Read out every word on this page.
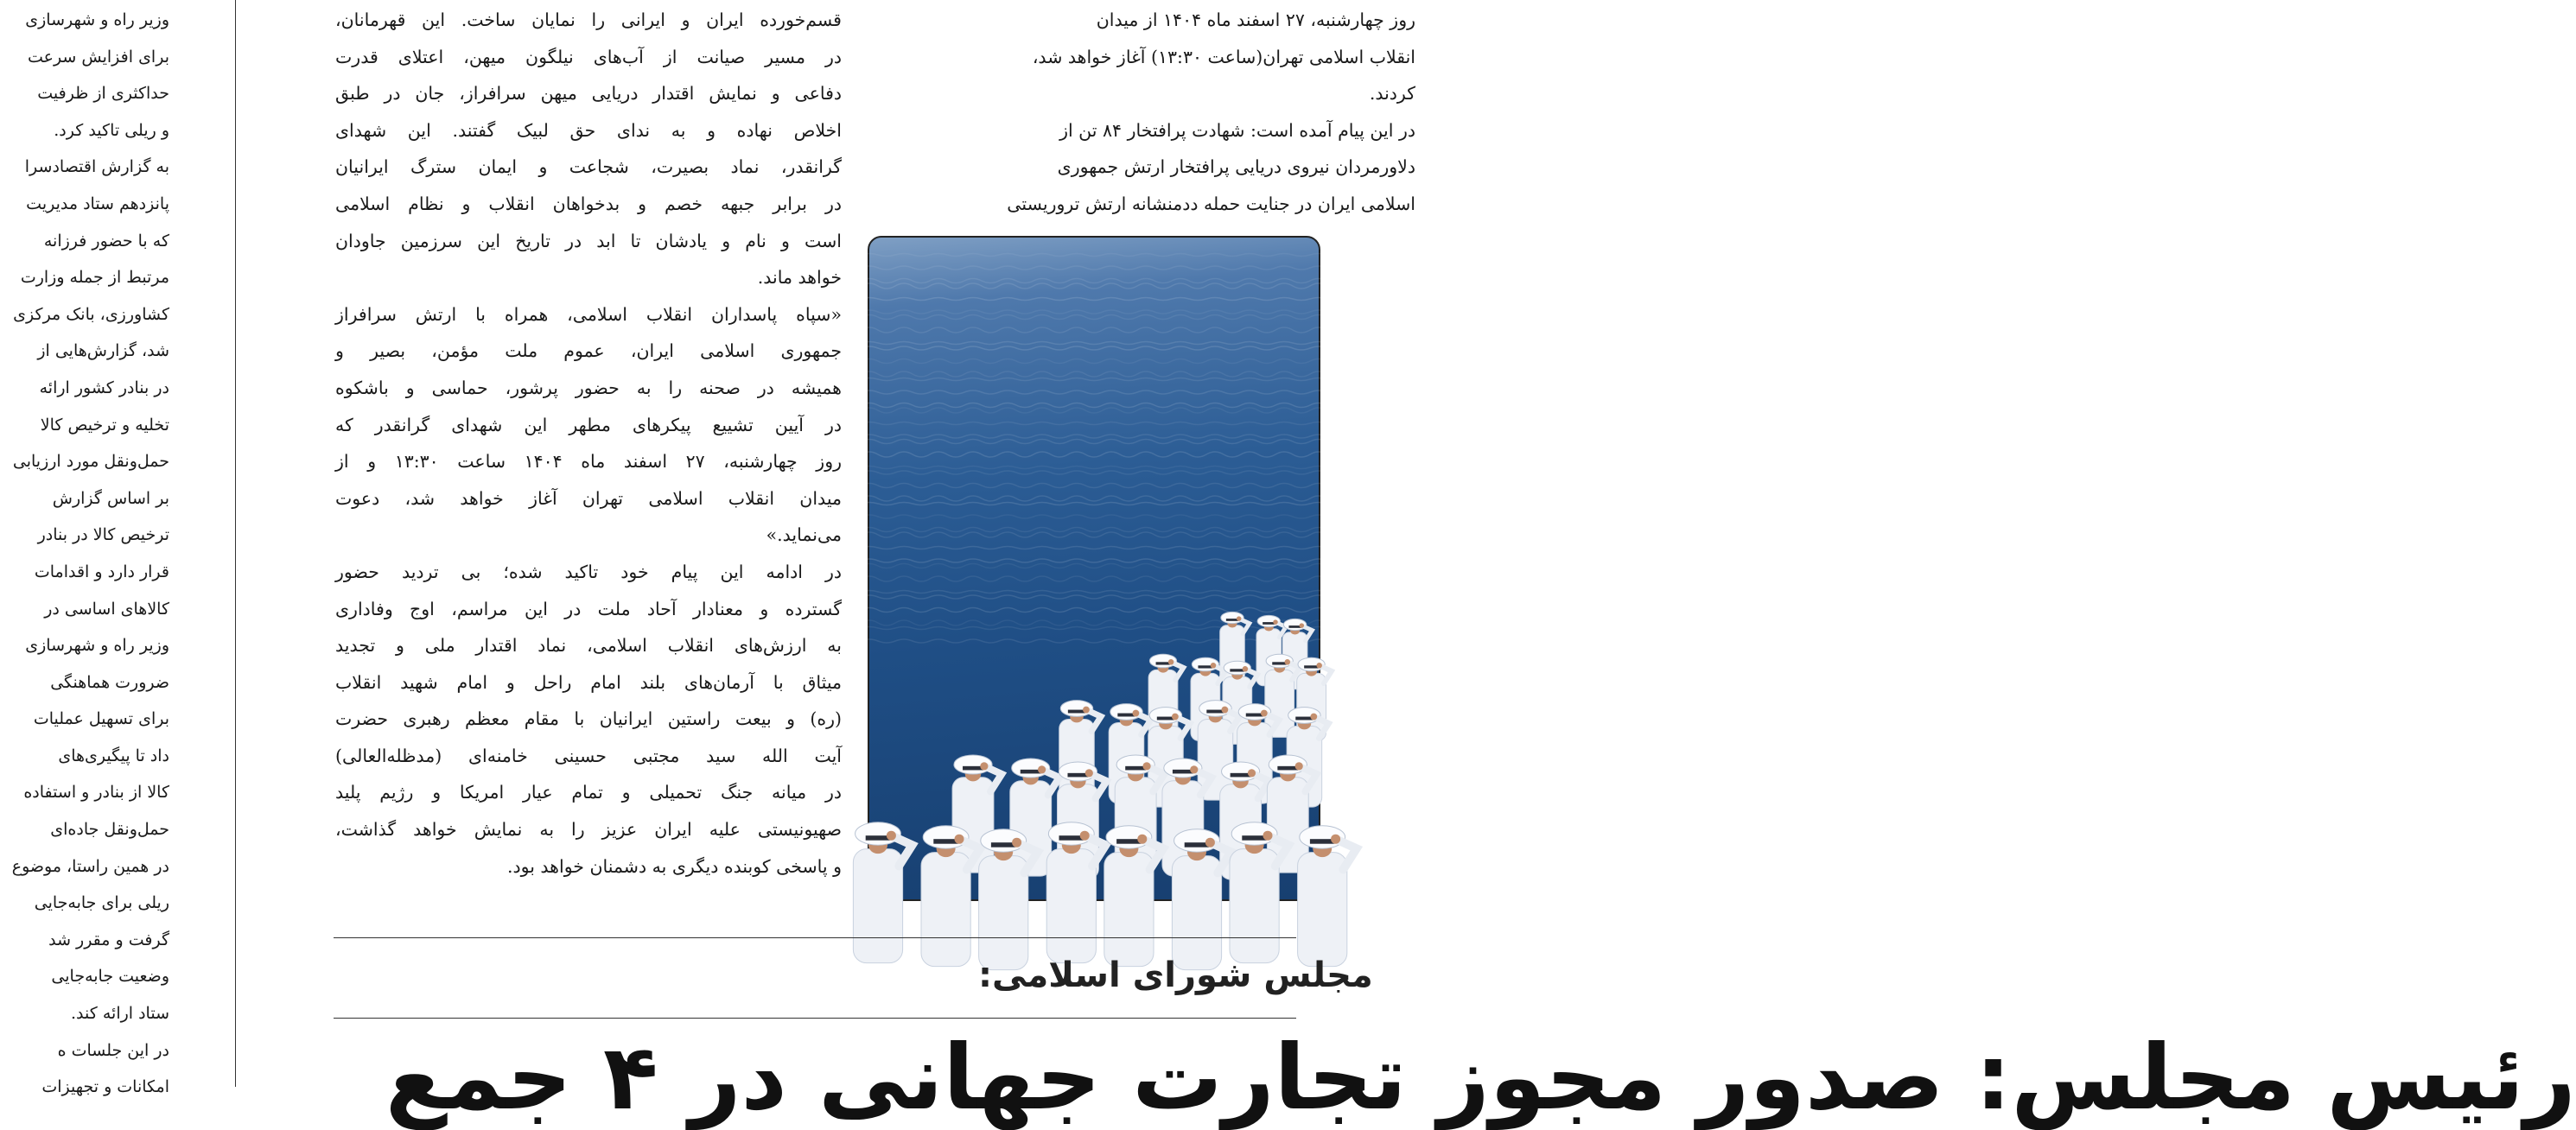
وزیر راه و شهرسازی

برای افزایش سرعت

حداکثری از ظرفیت

و ریلی تاکید کرد.

به گزارش اقتصادسرا

پانزدهم ستاد مدیریت

که با حضور فرزانه

مرتبط از جمله وزارت

کشاورزی، بانک مرکزی

شد، گزارش‌هایی از

در بنادر کشور ارائه

تخلیه و ترخیص کالا

حمل‌ونقل مورد ارزیابی

بر اساس گزارش

ترخیص کالا در بنادر

قرار دارد و اقدامات

کالاهای اساسی در

وزیر راه و شهرسازی

ضرورت هماهنگی

برای تسهیل عملیات

داد تا پیگیری‌های

کالا از بنادر و استفاده

حمل‌ونقل جاده‌ای

در همین راستا، موضوع

ریلی برای جابه‌جایی

گرفت و مقرر شد

وضعیت جابه‌جایی

ستاد ارائه کند.

در این جلسات ه

امکانات و تجهیزات

قسم‌خورده ایران و ایرانی را نمایان ساخت. این قهرمانان،

در مسیر صیانت از آب‌های نیلگون میهن، اعتلای قدرت

دفاعی و نمایش اقتدار دریایی میهن سرافراز، جان در طبق

اخلاص نهاده و به ندای حق لبیک گفتند. این شهدای

گرانقدر، نماد بصیرت، شجاعت و ایمان سترگ ایرانیان

در برابر جبهه خصم و بدخواهان انقلاب و نظام اسلامی

است و نام و یادشان تا ابد در تاریخ این سرزمین جاودان

خواهد ماند.

«سپاه پاسداران انقلاب اسلامی، همراه با ارتش سرافراز

جمهوری اسلامی ایران، عموم ملت مؤمن، بصیر و

همیشه در صحنه را به حضور پرشور، حماسی و باشکوه

در آیین تشییع پیکرهای مطهر این شهدای گرانقدر که

روز چهارشنبه، ۲۷ اسفند ماه ۱۴۰۴ ساعت ۱۳:۳۰ و از

میدان انقلاب اسلامی تهران آغاز خواهد شد، دعوت

می‌نماید.»

در ادامه این پیام خود تاکید شده؛ بی تردید حضور

گسترده و معنادار آحاد ملت در این مراسم، اوج وفاداری

به ارزش‌های انقلاب اسلامی، نماد اقتدار ملی و تجدید

میثاق با آرمان‌های بلند امام راحل و امام شهید انقلاب

(ره) و بیعت راستین ایرانیان با مقام معظم رهبری حضرت

آیت الله سید مجتبی حسینی خامنه‌ای (مدظله‌العالی)

در میانه جنگ تحمیلی و تمام عیار امریکا و رژیم پلید

صهیونیستی علیه ایران عزیز را به نمایش خواهد گذاشت،

و پاسخی کوبنده دیگری به دشمنان خواهد بود.

روز چهارشنبه، ۲۷ اسفند ماه ۱۴۰۴ از میدان

انقلاب اسلامی تهران(ساعت ۱۳:۳۰) آغاز خواهد شد،

کردند.

در این پیام آمده است: شهادت پرافتخار ۸۴ تن از

دلاورمردان نیروی دریایی پرافتخار ارتش جمهوری

اسلامی ایران در جنایت حمله ددمنشانه ارتش تروریستی

مجلس شورای اسلامی:
رئیس مجلس: صدور مجوز تجارت جهانی در ۴ جمع
